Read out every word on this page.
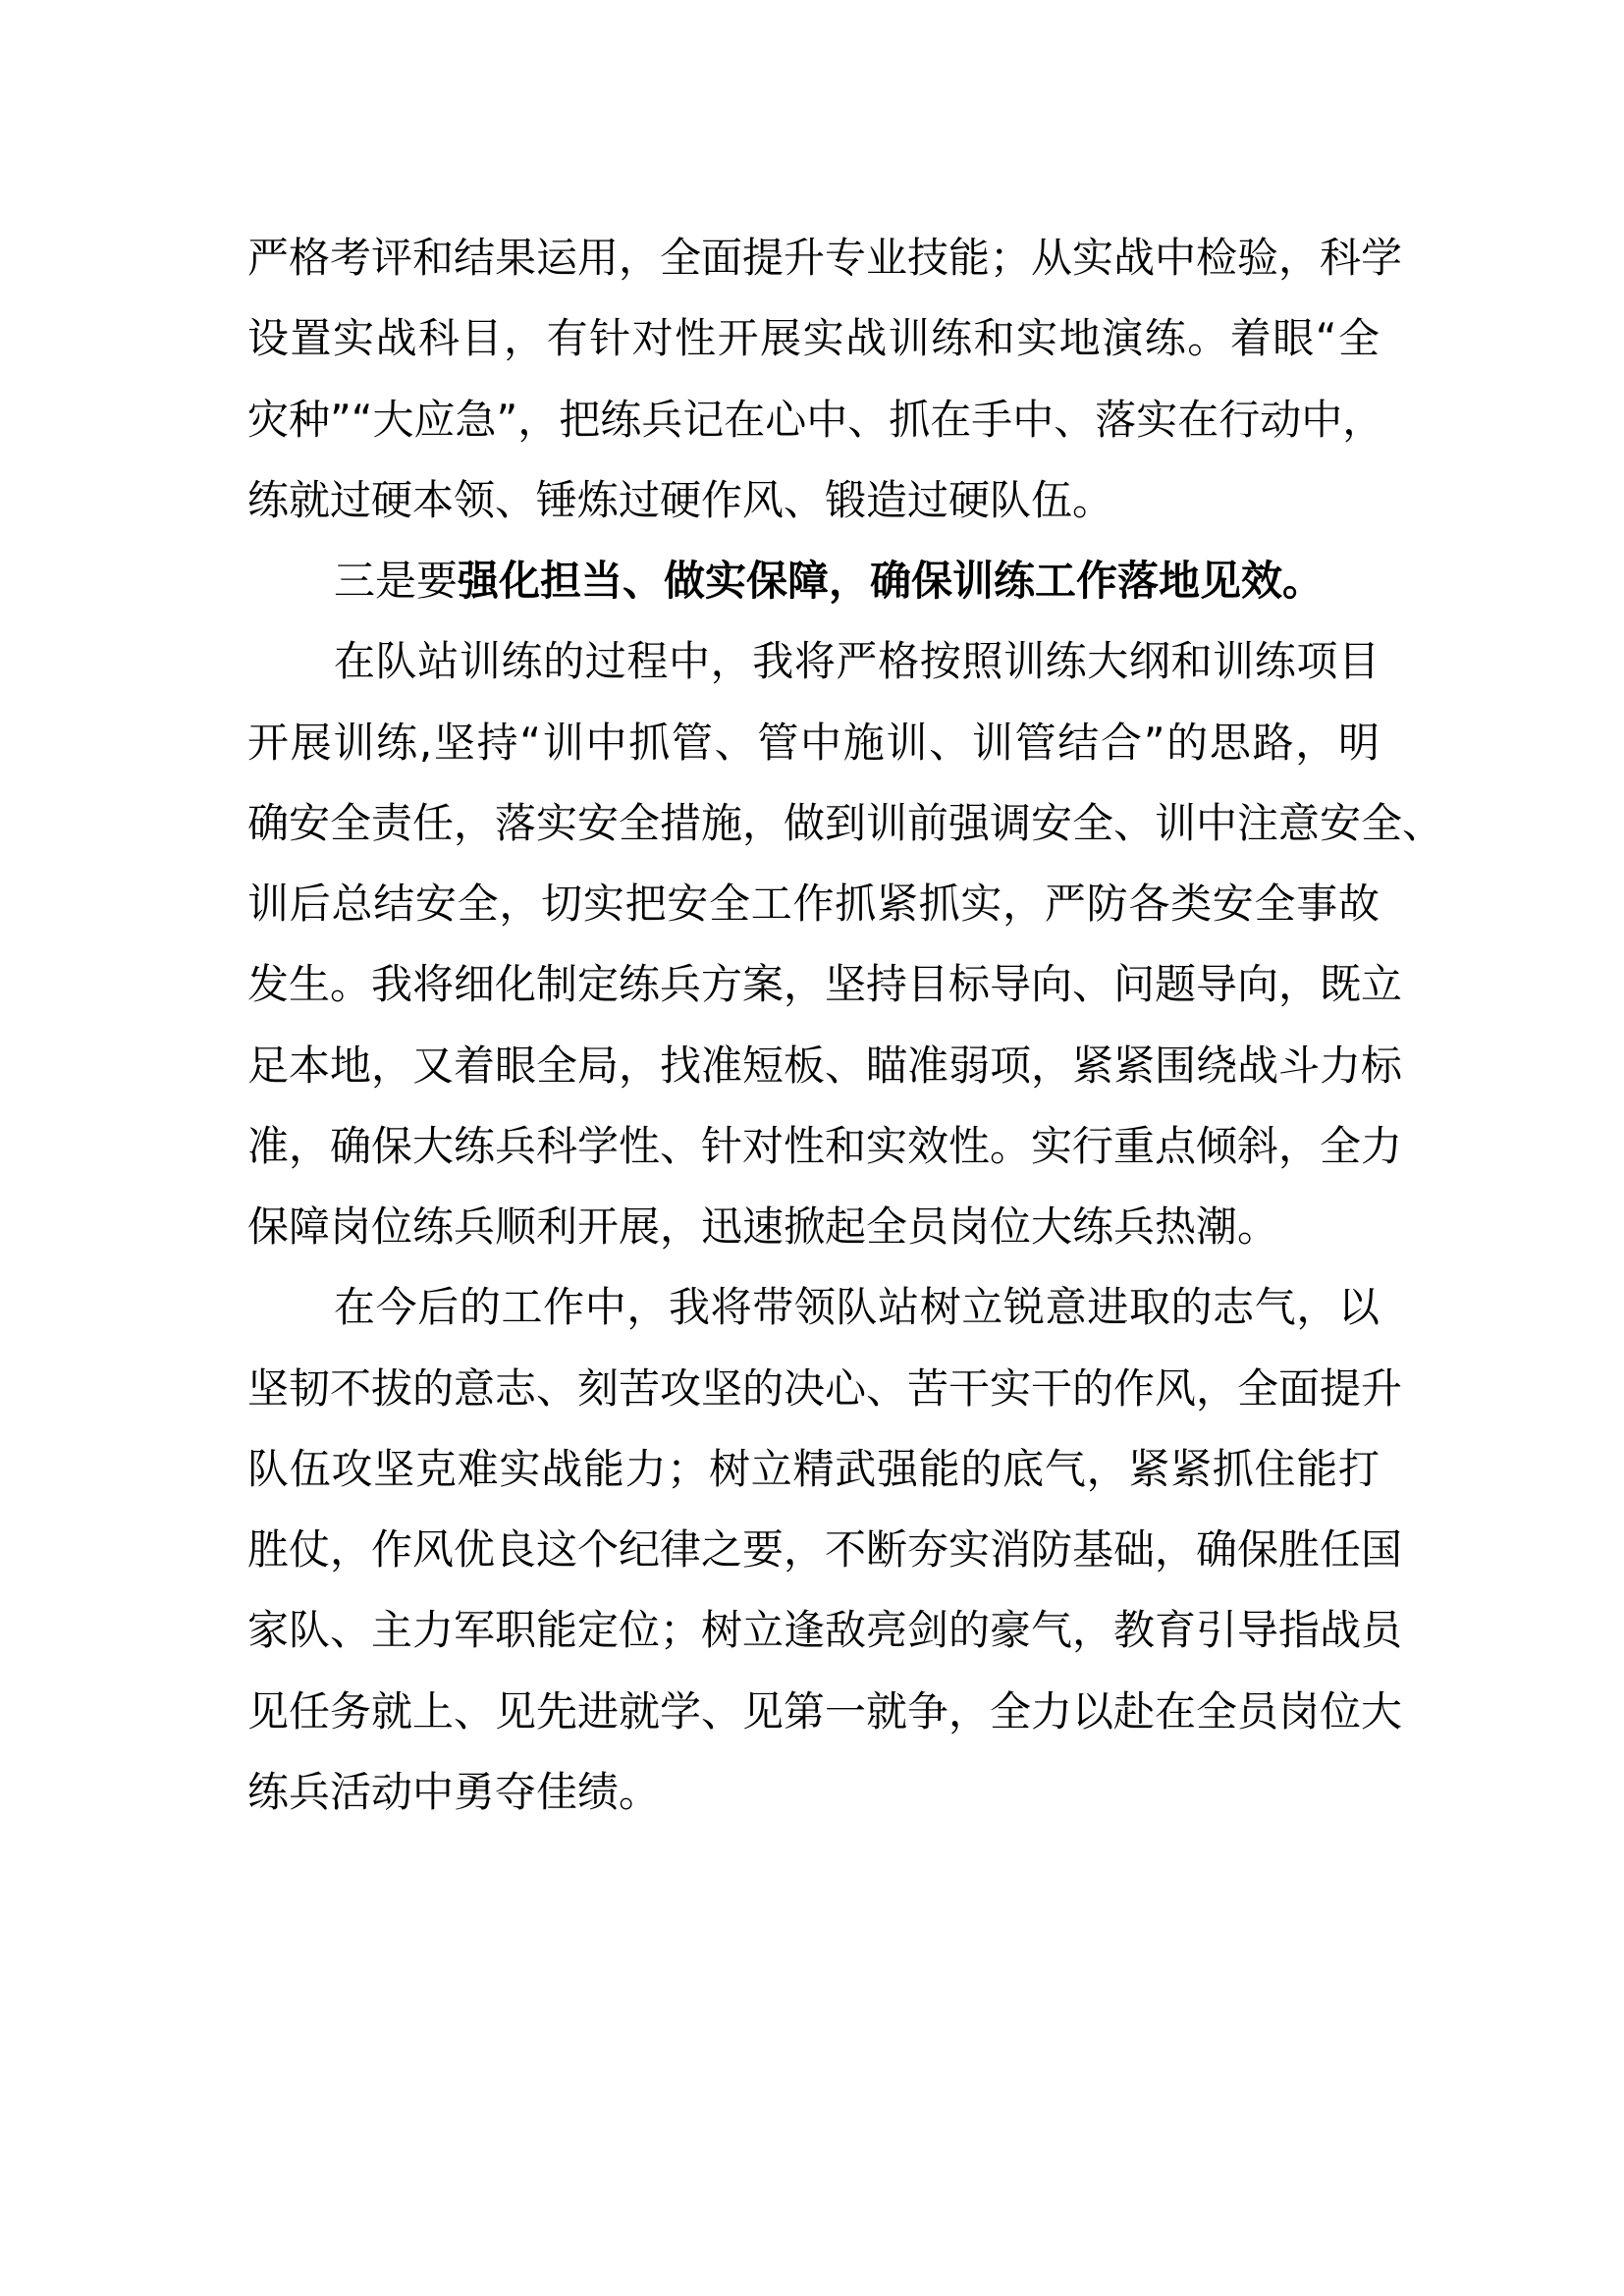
严格考评和结果运用，全面提升专业技能；从实战中检验，科学
设置实战科目，有针对性开展实战训练和实地演练。着眼“全
灾种”“大应急”，把练兵记在心中、抓在手中、落实在行动中，
练就过硬本领、锤炼过硬作风、锻造过硬队伍。
三是要强化担当、做实保障，确保训练工作落地见效。
在队站训练的过程中，我将严格按照训练大纲和训练项目
开展训练,坚持“训中抓管、管中施训、训管结合”的思路，明
确安全责任，落实安全措施，做到训前强调安全、训中注意安全、
训后总结安全，切实把安全工作抓紧抓实，严防各类安全事故
发生。我将细化制定练兵方案，坚持目标导向、问题导向，既立
足本地，又着眼全局，找准短板、瞄准弱项，紧紧围绕战斗力标
准，确保大练兵科学性、针对性和实效性。实行重点倾斜，全力
保障岗位练兵顺利开展，迅速掀起全员岗位大练兵热潮。
在今后的工作中，我将带领队站树立锐意进取的志气，以
坚韧不拔的意志、刻苦攻坚的决心、苦干实干的作风，全面提升
队伍攻坚克难实战能力；树立精武强能的底气，紧紧抓住能打
胜仗，作风优良这个纪律之要，不断夯实消防基础，确保胜任国
家队、主力军职能定位；树立逢敌亮剑的豪气，教育引导指战员
见任务就上、见先进就学、见第一就争，全力以赴在全员岗位大
练兵活动中勇夺佳绩。
